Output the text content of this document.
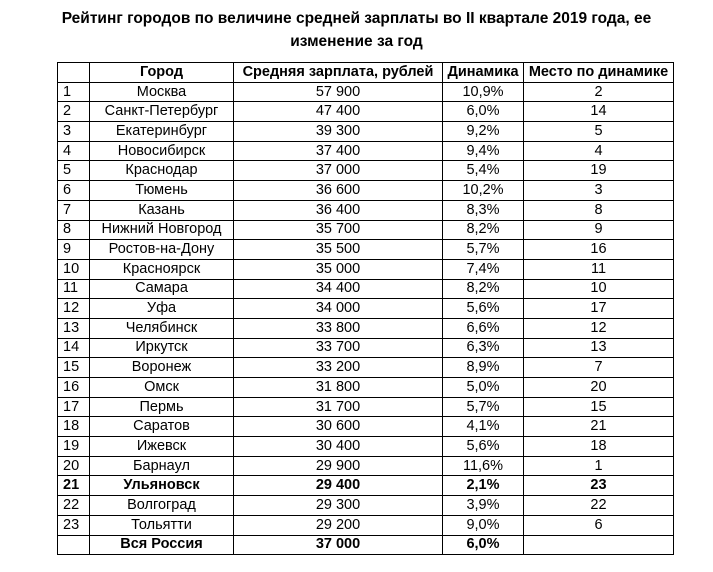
Рейтинг городов по величине средней зарплаты во II квартале 2019 года, ее
изменение за год
	Город	Средняя зарплата, рублей	Динамика	Место по динамике
1	Москва	57 900	10,9%	2
2	Санкт-Петербург	47 400	6,0%	14
3	Екатеринбург	39 300	9,2%	5
4	Новосибирск	37 400	9,4%	4
5	Краснодар	37 000	5,4%	19
6	Тюмень	36 600	10,2%	3
7	Казань	36 400	8,3%	8
8	Нижний Новгород	35 700	8,2%	9
9	Ростов-на-Дону	35 500	5,7%	16
10	Красноярск	35 000	7,4%	11
11	Самара	34 400	8,2%	10
12	Уфа	34 000	5,6%	17
13	Челябинск	33 800	6,6%	12
14	Иркутск	33 700	6,3%	13
15	Воронеж	33 200	8,9%	7
16	Омск	31 800	5,0%	20
17	Пермь	31 700	5,7%	15
18	Саратов	30 600	4,1%	21
19	Ижевск	30 400	5,6%	18
20	Барнаул	29 900	11,6%	1
21	Ульяновск	29 400	2,1%	23
22	Волгоград	29 300	3,9%	22
23	Тольятти	29 200	9,0%	6
	Вся Россия	37 000	6,0%	
